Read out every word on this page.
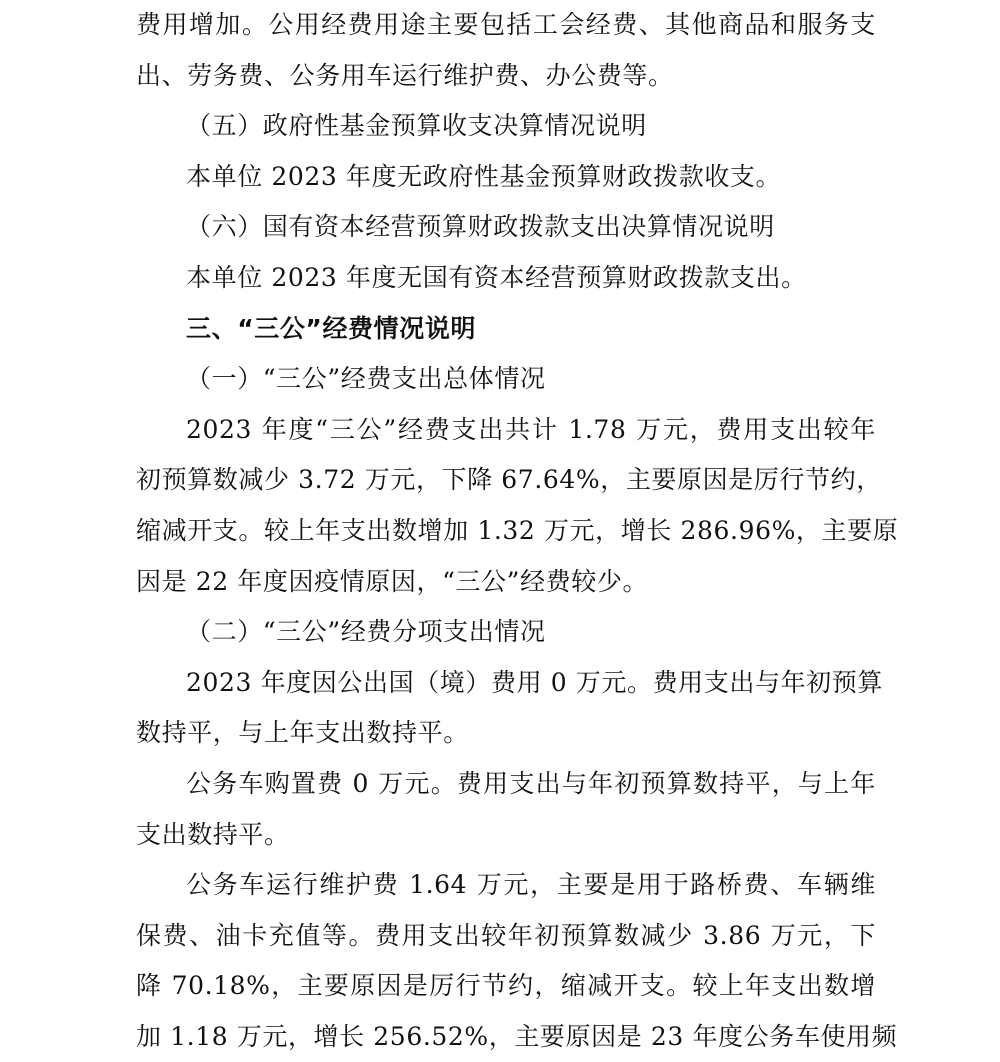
费用增加。公用经费用途主要包括工会经费、其他商品和服务支
出、劳务费、公务用车运行维护费、办公费等。
（五）政府性基金预算收支决算情况说明
本单位 2023 年度无政府性基金预算财政拨款收支。
（六）国有资本经营预算财政拨款支出决算情况说明
本单位 2023 年度无国有资本经营预算财政拨款支出。
三、“三公”经费情况说明
（一）“三公”经费支出总体情况
2023 年度“三公”经费支出共计 1.78 万元，费用支出较年
初预算数减少 3.72 万元，下降 67.64%，主要原因是厉行节约，
缩减开支。较上年支出数增加 1.32 万元，增长 286.96%，主要原
因是 22 年度因疫情原因，“三公”经费较少。
（二）“三公”经费分项支出情况
2023 年度因公出国（境）费用 0 万元。费用支出与年初预算
数持平，与上年支出数持平。
公务车购置费 0 万元。费用支出与年初预算数持平，与上年
支出数持平。
公务车运行维护费 1.64 万元，主要是用于路桥费、车辆维
保费、油卡充值等。费用支出较年初预算数减少 3.86 万元，下
降 70.18%，主要原因是厉行节约，缩减开支。较上年支出数增
加 1.18 万元，增长 256.52%，主要原因是 23 年度公务车使用频
